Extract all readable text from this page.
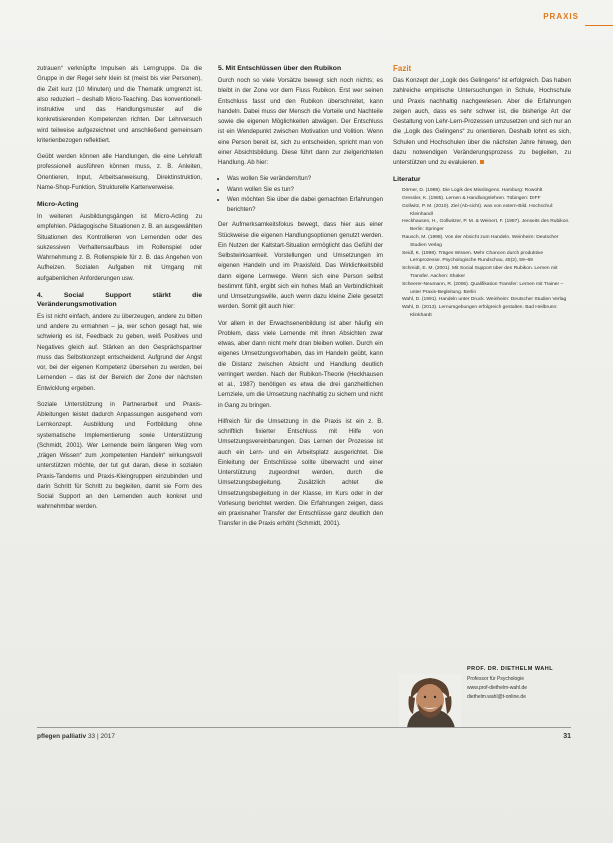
PRAXIS

zutrauen“ verknüpfte Impulsen als Lerngruppe. Da die Gruppe in der Regel sehr klein ist (meist bis vier Personen), die Zeit kurz (10 Minuten) und die Thematik umgrenzt ist, also reduziert – deshalb Micro-Teaching. Das konventionell-instruktive und das Handlungsmuster auf die konkretisierenden Kompetenzen richten. Der Lehrversuch wird teilweise aufgezeichnet und anschließend gemeinsam kriterienbezogen reflektiert.

Geübt werden können alle Handlungen, die eine Lehrkraft professionell ausführen können muss, z. B. Anleiten, Orientieren, Input, Arbeitsanweisung, Direktinstruktion, Name-Shop-Funktion, Strukturelle Kartenverweise.

Micro-Acting

In weiteren Ausbildungsgängen ist Micro-Acting zu empfehlen. Pädagogische Situationen z. B. an ausgewählten Situationen des Kontrollieren von Lernenden oder des sukzessiven Verhaltensaufbaus im Rollenspiel oder Wahrnehmung z. B. Rollenspiele für z. B. das Angehen von Aufheizen. Sozialen Aufgaben mit Umgang mit aufgabenlichen Anforderungen usw.

4. Social Support stärkt die Veränderungsmotivation

Es ist nicht einfach, andere zu überzeugen, andere zu bitten und andere zu ermahnen – ja, wer schon gesagt hat, wie schwierig es ist, Feedback zu geben, weiß Positives und Negatives gleich auf. Stärken an den Gesprächspartner muss das Selbstkonzept entscheidend. Aufgrund der Angst vor, bei der eigenen Kompetenz übersehen zu werden, bei Lernenden – das ist der Bereich der Zone der nächsten Entwicklung ergeben.

Soziale Unterstützung in Partnerarbeit und Praxis-Ableitungen leistet dadurch Anpassungen ausgehend vom Lernkonzept. Ausbildung und Fortbildung ohne systematische Implementierung sowie Unterstützung (Schmidt, 2001). Wer Lernende beim längeren Weg vom „trägen Wissen“ zum „kompetenten Handeln“ wirkungsvoll unterstützen möchte, der tut gut daran, diese in sozialen Praxis-Tandems und Praxis-Kleingruppen einzubinden und darin Schritt für Schritt zu begleiten, damit sie Form des Social Support an den Lernenden auch konkret und wahrnehmbar werden.

5. Mit Entschlüssen über den Rubikon

Durch noch so viele Vorsätze bewegt sich noch nichts; es bleibt in der Zone vor dem Fluss Rubikon. Erst wer seinen Entschluss fasst und den Rubikon überschreitet, kann handeln. Dabei muss der Mensch die Vorteile und Nachteile sowie die eigenen Möglichkeiten abwägen. Der Entschluss ist ein Wendepunkt zwischen Motivation und Volition. Wenn eine Person bereit ist, sich zu entscheiden, spricht man von einer Absichtsbildung. Diese führt dann zur zielgerichteten Handlung. Ab hier:

• Was wollen Sie verändern/tun?
• Wann wollen Sie es tun?
• Wen möchten Sie über die dabei gemachten Erfahrungen berichten?

Der Aufmerksamkeitsfokus bewegt, dass hier aus einer Stückweise die eigenen Handlungsoptionen genutzt werden. Ein Nutzen der Kaltstart-Situation ermöglicht das Gefühl der Selbstwirksamkeit. Vorstellungen und Umsetzungen im eigenen Handeln und im Praxisfeld. Das Wirklichkeitsbild dann eigene Lernwege. Wenn sich eine Person selbst bestimmt fühlt, ergibt sich ein hohes Maß an Verbindlichkeit und Umsetzungswille, auch wenn dazu kleine Ziele gesetzt werden. Somit gilt auch hier:

Vor allem in der Erwachsenenbildung ist aber häufig ein Problem, dass viele Lernende mit ihren Absichten zwar etwas, aber dann nicht mehr dran bleiben wollen. Durch ein eigenes Umsetzungsvorhaben, das im Handeln geübt, kann die Distanz zwischen Absicht und Handlung deutlich verringert werden. Nach der Rubikon-Theorie (Heckhausen et al., 1987) benötigen es etwa die drei ganzheitlichen Lernziele, um die Umsetzung nachhaltig zu sichern und nicht in Gang zu bringen.

Hilfreich für die Umsetzung in die Praxis ist ein z. B. schriftlich fixierter Entschluss mit Hilfe von Umsetzungsvereinbarungen. Das Lernen der Prozesse ist auch ein Lern- und ein Arbeitsplatz ausgerichtet. Die Einleitung der Entschlüsse sollte überwacht und einer Unterstützung zugeordnet werden, durch die Umsetzungsbegleitung. Zusätzlich achtet die Umsetzungsbegleitung in der Klasse, im Kurs oder in der Vorlesung berichtet werden. Die Erfahrungen zeigen, dass ein praxisnaher Transfer der Entschlüsse ganz deutlich den Transfer in die Praxis erhöht (Schmidt, 2001).

Fazit

Das Konzept der „Logik des Gelingens“ ist erfolgreich. Das haben zahlreiche empirische Untersuchungen in Schule, Hochschule und Praxis nachhaltig nachgewiesen. Aber die Erfahrungen zeigen auch, dass es sehr schwer ist, die bisherige Art der Gestaltung von Lehr-Lern-Prozessen umzusetzen und sich nur an die „Logik des Gelingens“ zu orientieren. Deshalb lohnt es sich, Schulen und Hochschulen über die nächsten Jahre hinweg, den dazu notwendigen Veränderungsprozess zu begleiten, zu unterstützen und zu evaluieren.

Literatur
Dörner, D. (1989). Die Logik des Misslingens. Hamburg: Rowohlt
Gressler, K. (1985). Lernen & Handlungslehren. Tübingen: DIFF
Gollwitz, P. M. (2010). Ziel (Ab-sicht). was von extern-Bild. Hochschul: Kleinhandl
Heckhausen, H., Gollwitzer, P. M. & Weinert, F. (1987). Jenseits des Rubikon. Berlin: Springer
Rausch, M. (1998). Von der Absicht zum Handeln. Weinheim: Deutscher Studien Verlag
Seidl, K. (1998). Träges Wissen. Mehr Chancen durch produktive Lernprozesse. Psychologische Rundschau, 45(2), 59–69
Schmidt, E. M. (2001). Mit Social Support über den Rubikon. Lernen mit Transfer. Aachen: Shaker
Scheerer-Neumann, R. (2006). Qualifikation Transfer: Lernen mit Trainer – unter Praxis-Begleitung. Berlin
Wahl, D. (1991). Handeln unter Druck. Weinheim: Deutscher Studien Verlag
Wahl, D. (2013). Lernumgebungen erfolgreich gestalten. Bad Heilbrunn: Klinkhardt
PROF. DR. DIETHELM WAHL
Professor für Psychologie
www.prof-diethelm-wahl.de
diethelm.wahl@t-online.de
pflegen palliativ 33 | 2017	31
